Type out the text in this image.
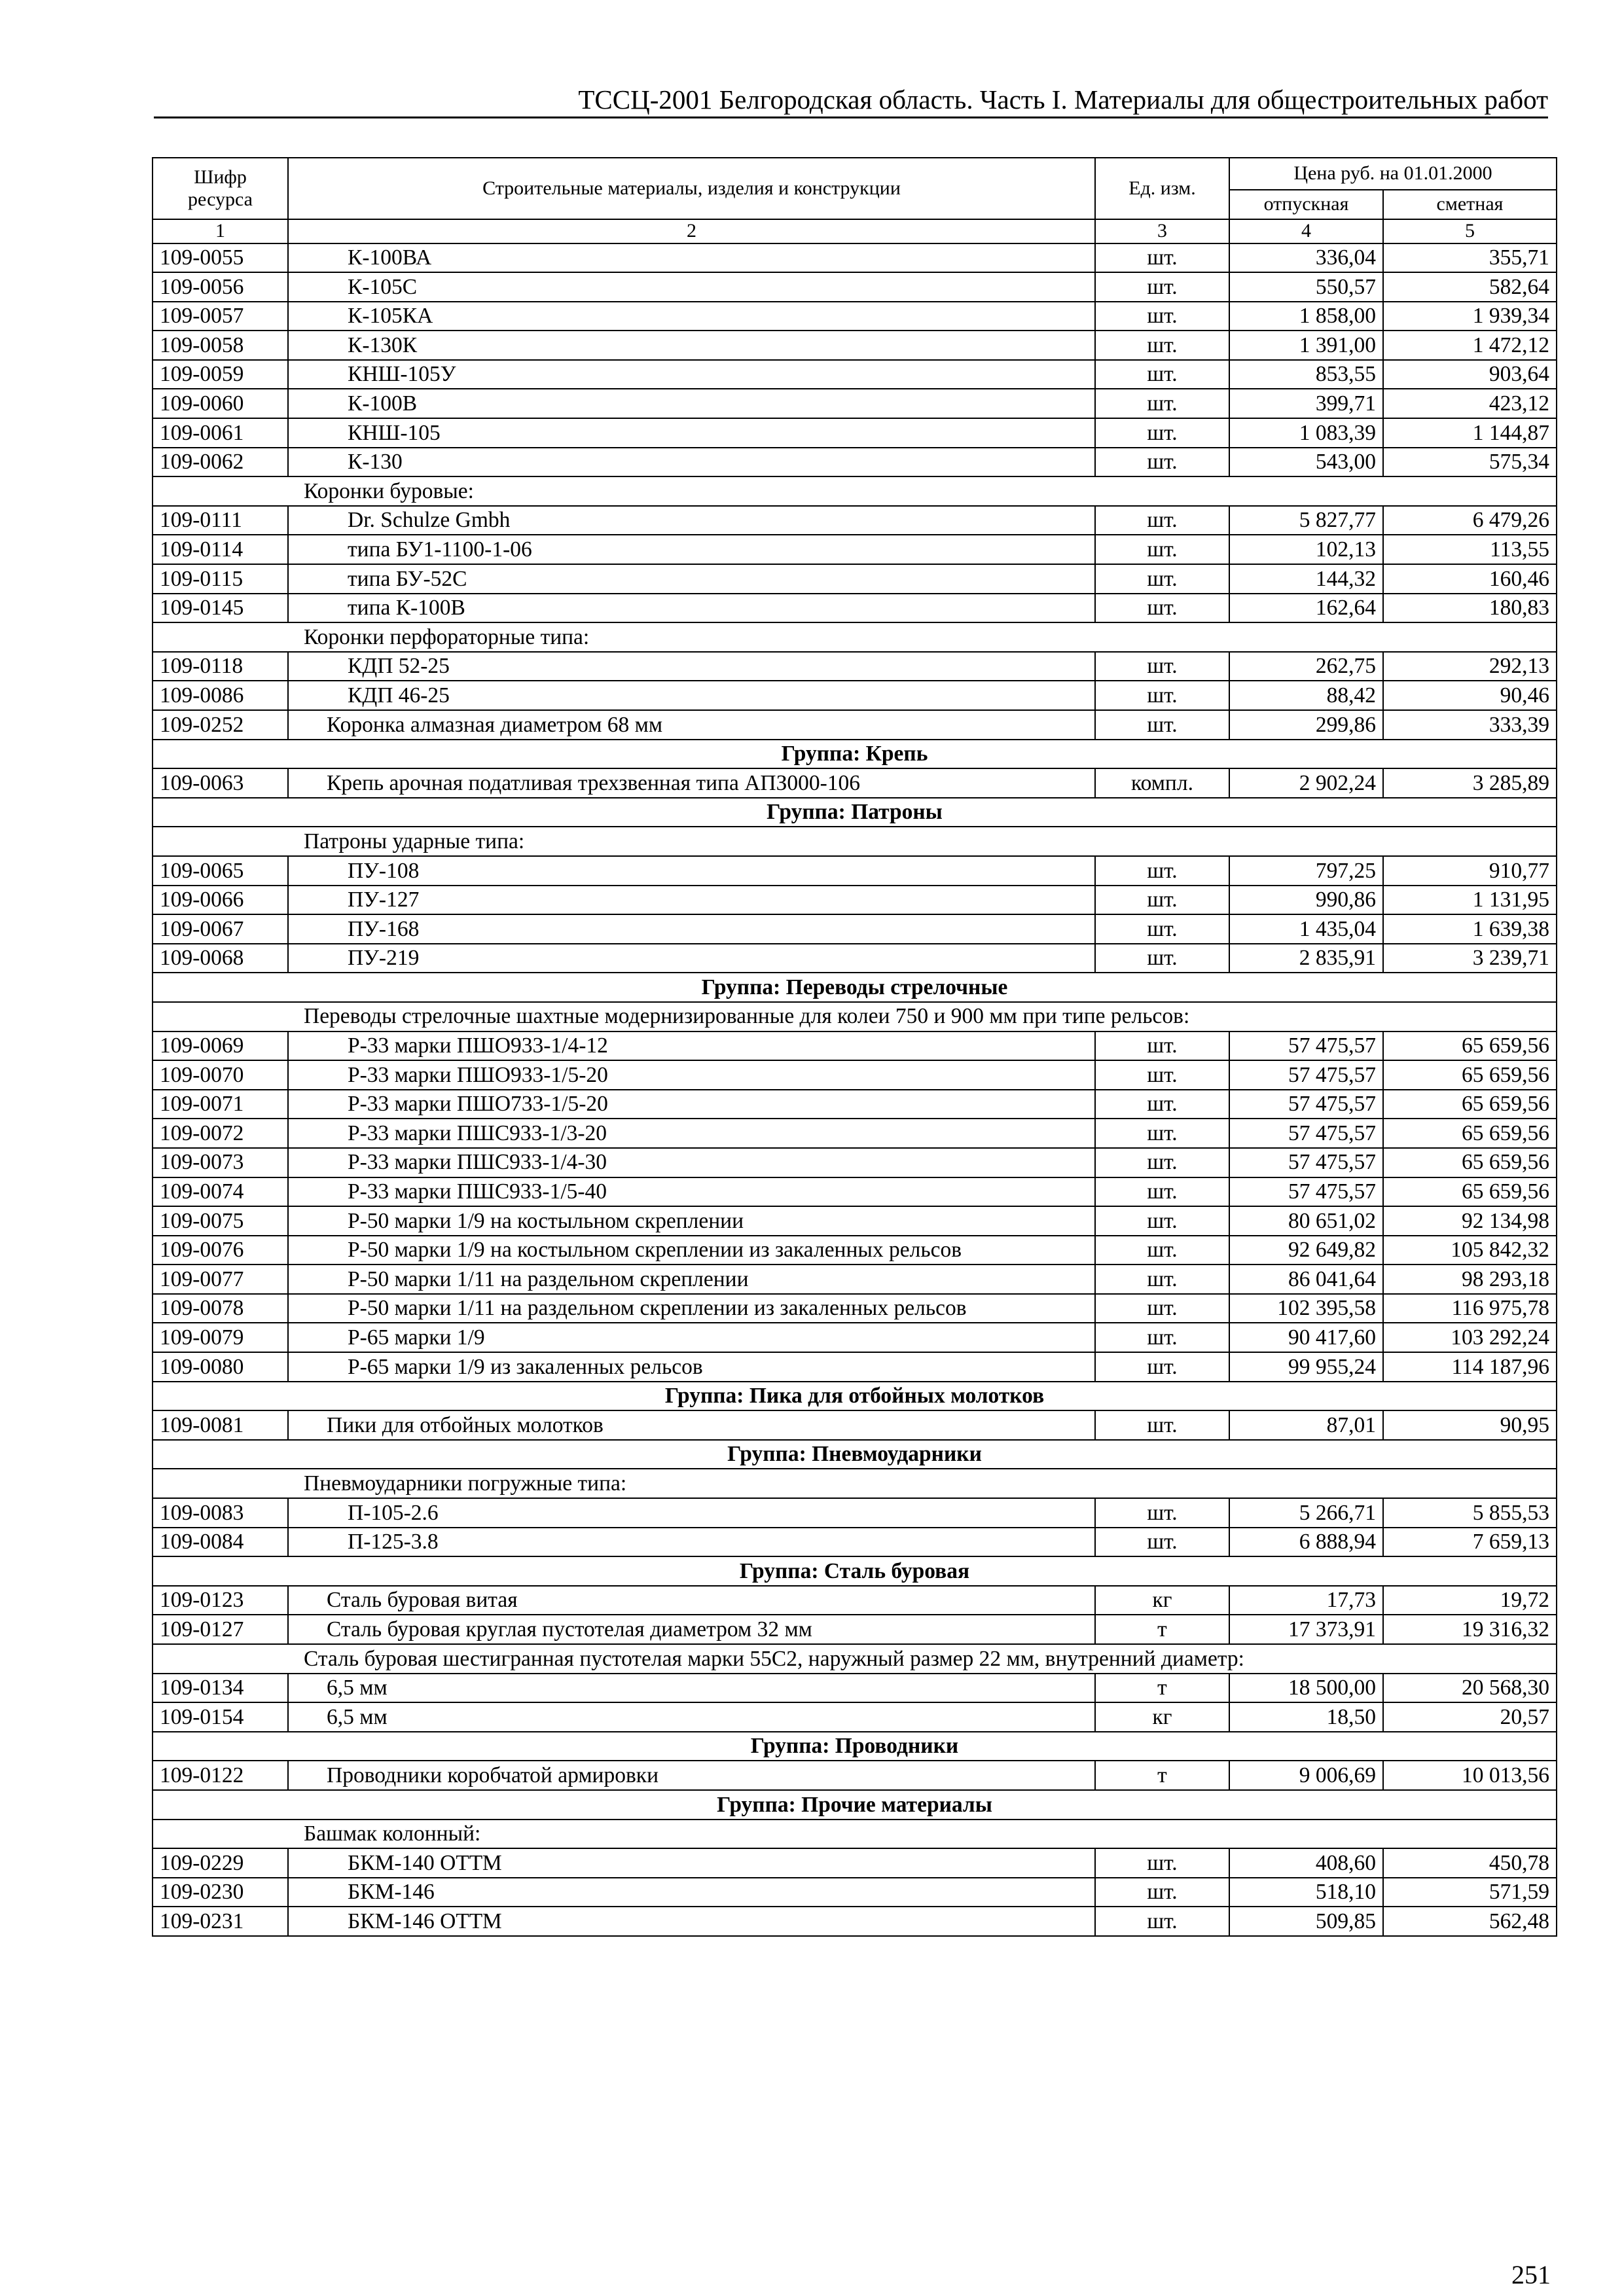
ТССЦ-2001 Белгородская область. Часть I. Материалы для общестроительных работ
Шифр ресурса	Строительные материалы, изделия и конструкции	Ед. изм.	Цена руб. на 01.01.2000	
			отпускная	сметная
1	2	3	4	5
109-0055	К-100ВА	шт.	336,04	355,71
109-0056	К-105С	шт.	550,57	582,64
109-0057	К-105КА	шт.	1 858,00	1 939,34
109-0058	К-130К	шт.	1 391,00	1 472,12
109-0059	КНШ-105У	шт.	853,55	903,64
109-0060	К-100В	шт.	399,71	423,12
109-0061	КНШ-105	шт.	1 083,39	1 144,87
109-0062	К-130	шт.	543,00	575,34
Коронки буровые:				
109-0111	Dr. Schulze Gmbh	шт.	5 827,77	6 479,26
109-0114	типа БУ1-1100-1-06	шт.	102,13	113,55
109-0115	типа БУ-52С	шт.	144,32	160,46
109-0145	типа К-100В	шт.	162,64	180,83
Коронки перфораторные типа:				
109-0118	КДП 52-25	шт.	262,75	292,13
109-0086	КДП 46-25	шт.	88,42	90,46
109-0252	Коронка алмазная диаметром 68 мм	шт.	299,86	333,39
Группа: Крепь				
109-0063	Крепь арочная податливая трехзвенная типа АПЗ000-106	компл.	2 902,24	3 285,89
Группа: Патроны				
Патроны ударные типа:				
109-0065	ПУ-108	шт.	797,25	910,77
109-0066	ПУ-127	шт.	990,86	1 131,95
109-0067	ПУ-168	шт.	1 435,04	1 639,38
109-0068	ПУ-219	шт.	2 835,91	3 239,71
Группа: Переводы стрелочные				
Переводы стрелочные шахтные модернизированные для колеи 750 и 900 мм при типе рельсов:				
109-0069	Р-33 марки ПШО933-1/4-12	шт.	57 475,57	65 659,56
109-0070	Р-33 марки ПШО933-1/5-20	шт.	57 475,57	65 659,56
109-0071	Р-33 марки ПШО733-1/5-20	шт.	57 475,57	65 659,56
109-0072	Р-33 марки ПШС933-1/3-20	шт.	57 475,57	65 659,56
109-0073	Р-33 марки ПШС933-1/4-30	шт.	57 475,57	65 659,56
109-0074	Р-33 марки ПШС933-1/5-40	шт.	57 475,57	65 659,56
109-0075	Р-50 марки 1/9 на костыльном скреплении	шт.	80 651,02	92 134,98
109-0076	Р-50 марки 1/9 на костыльном скреплении из закаленных рельсов	шт.	92 649,82	105 842,32
109-0077	Р-50 марки 1/11 на раздельном скреплении	шт.	86 041,64	98 293,18
109-0078	Р-50 марки 1/11 на раздельном скреплении из закаленных рельсов	шт.	102 395,58	116 975,78
109-0079	Р-65 марки 1/9	шт.	90 417,60	103 292,24
109-0080	Р-65 марки 1/9 из закаленных рельсов	шт.	99 955,24	114 187,96
Группа: Пика для отбойных молотков				
109-0081	Пики для отбойных молотков	шт.	87,01	90,95
Группа: Пневмоударники				
Пневмоударники погружные типа:				
109-0083	П-105-2.6	шт.	5 266,71	5 855,53
109-0084	П-125-3.8	шт.	6 888,94	7 659,13
Группа: Сталь буровая				
109-0123	Сталь буровая витая	кг	17,73	19,72
109-0127	Сталь буровая круглая пустотелая диаметром 32 мм	т	17 373,91	19 316,32
Сталь буровая шестигранная пустотелая марки 55С2, наружный размер 22 мм, внутренний диаметр:				
109-0134	6,5 мм	т	18 500,00	20 568,30
109-0154	6,5 мм	кг	18,50	20,57
Группа: Проводники				
109-0122	Проводники коробчатой армировки	т	9 006,69	10 013,56
Группа: Прочие материалы				
Башмак колонный:				
109-0229	БКМ-140 ОТТМ	шт.	408,60	450,78
109-0230	БКМ-146	шт.	518,10	571,59
109-0231	БКМ-146 ОТТМ	шт.	509,85	562,48
251
